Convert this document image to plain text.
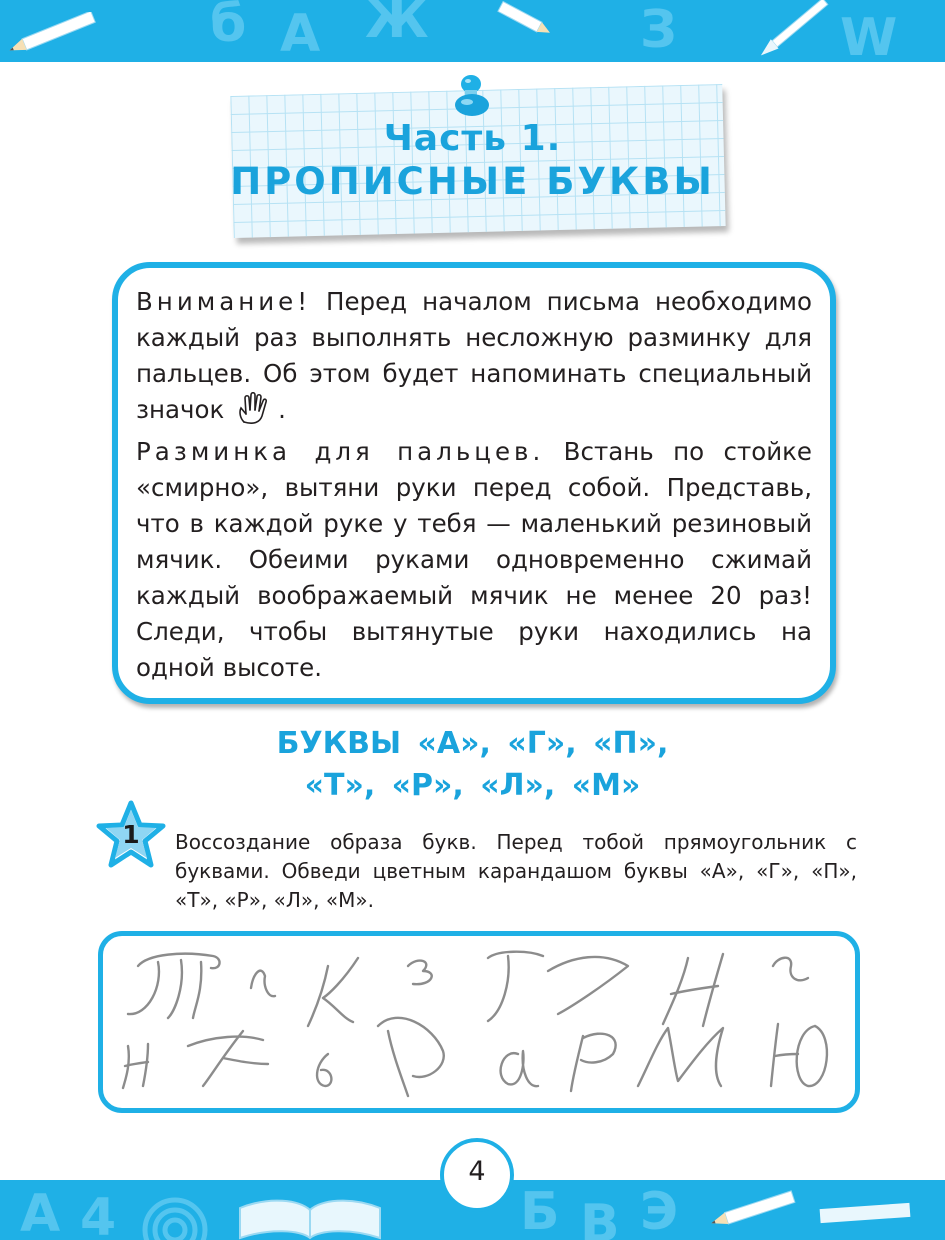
б А Ж	З	W
Часть 1.
ПРОПИСНЫЕ БУКВЫ

Внимание! Перед началом письма необходимо каждый раз выполнять несложную разминку для пальцев. Об этом будет напоминать специальный значок .

Разминка для пальцев. Встань по стойке «смирно», вытяни руки перед собой. Представь, что в каждой руке у тебя — маленький резиновый мячик. Обеими руками одновременно сжимай каждый воображаемый мячик не менее 20 раз! Следи, чтобы вытянутые руки находились на одной высоте.

БУКВЫ «А», «Г», «П»,
«Т», «Р», «Л», «М»
1	Воссоздание образа букв. Перед тобой прямоугольник с буквами. Обведи цветным карандашом буквы «А», «Г», «П», «Т», «Р», «Л», «М».

А 4	Б В Э
4
